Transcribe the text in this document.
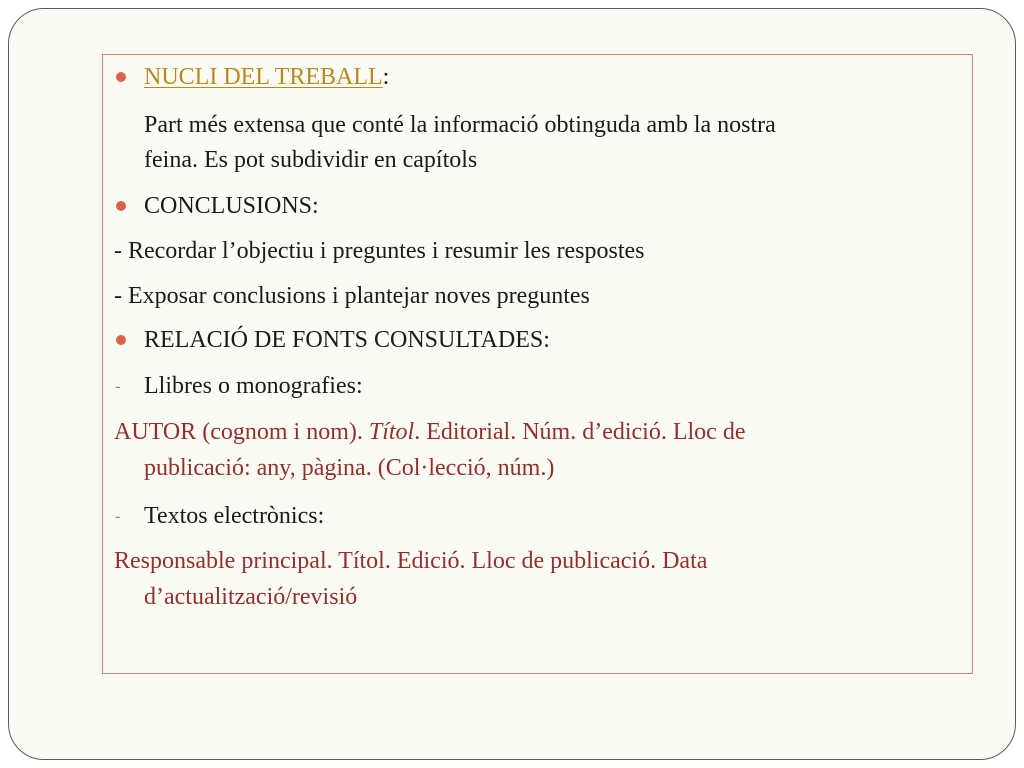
NUCLI DEL TREBALL:
Part més extensa que conté la informació obtinguda amb la nostra
feina. Es pot subdividir en capítols
CONCLUSIONS:
- Recordar l’objectiu i preguntes i resumir les respostes
- Exposar conclusions i plantejar noves preguntes
RELACIÓ DE FONTS CONSULTADES:
- Llibres o monografies:
AUTOR (cognom i nom). Títol. Editorial. Núm. d’edició. Lloc de
publicació: any, pàgina. (Col·lecció, núm.)
- Textos electrònics:
Responsable principal. Títol. Edició. Lloc de publicació. Data
d’actualització/revisió
